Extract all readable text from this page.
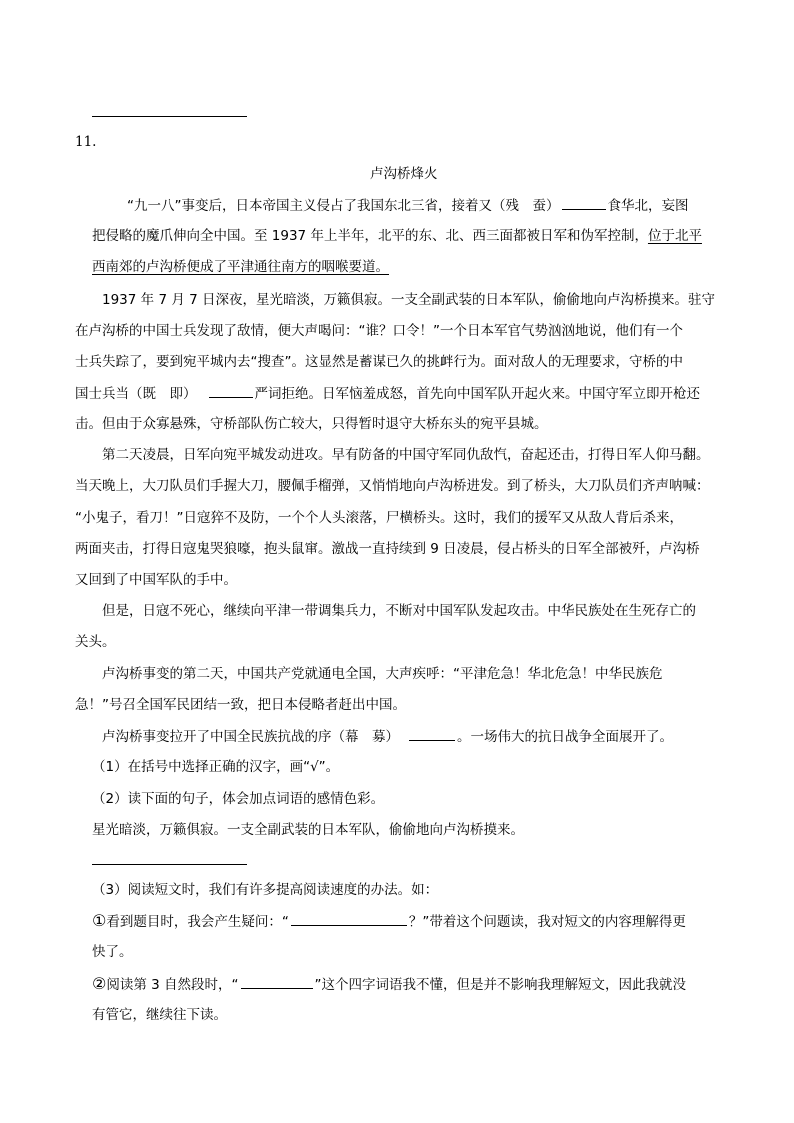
11.
卢沟桥烽火
“九一八”事变后，日本帝国主义侵占了我国东北三省，接着又（残　蚕）	食华北，妄图
把侵略的魔爪伸向全中国。至 1937 年上半年，北平的东、北、西三面都被日军和伪军控制，位于北平
西南郊的卢沟桥便成了平津通往南方的咽喉要道。
1937 年 7 月 7 日深夜，星光暗淡，万籁俱寂。一支全副武装的日本军队，偷偷地向卢沟桥摸来。驻守
在卢沟桥的中国士兵发现了敌情，便大声喝问：“谁？口令！”一个日本军官气势汹汹地说，他们有一个
士兵失踪了，要到宛平城内去“搜查”。这显然是蓄谋已久的挑衅行为。面对敌人的无理要求，守桥的中
国士兵当（既　即）	严词拒绝。日军恼羞成怒，首先向中国军队开起火来。中国守军立即开枪还
击。但由于众寡悬殊，守桥部队伤亡较大，只得暂时退守大桥东头的宛平县城。
第二天凌晨，日军向宛平城发动进攻。早有防备的中国守军同仇敌忾，奋起还击，打得日军人仰马翻。
当天晚上，大刀队员们手握大刀，腰佩手榴弹，又悄悄地向卢沟桥进发。到了桥头，大刀队员们齐声呐喊：
“小鬼子，看刀！”日寇猝不及防，一个个人头滚落，尸横桥头。这时，我们的援军又从敌人背后杀来，
两面夹击，打得日寇鬼哭狼嚎，抱头鼠窜。激战一直持续到 9 日凌晨，侵占桥头的日军全部被歼，卢沟桥
又回到了中国军队的手中。
但是，日寇不死心，继续向平津一带调集兵力，不断对中国军队发起攻击。中华民族处在生死存亡的
关头。
卢沟桥事变的第二天，中国共产党就通电全国，大声疾呼：“平津危急！华北危急！中华民族危
急！”号召全国军民团结一致，把日本侵略者赶出中国。
卢沟桥事变拉开了中国全民族抗战的序（幕　募）	。一场伟大的抗日战争全面展开了。
（1）在括号中选择正确的汉字，画“√”。
（2）读下面的句子，体会加点词语的感情色彩。
星光暗淡，万籁俱寂。一支全副武装的日本军队，偷偷地向卢沟桥摸来。
（3）阅读短文时，我们有许多提高阅读速度的办法。如：
①看到题目时，我会产生疑问：“	？”带着这个问题读，我对短文的内容理解得更
快了。
②阅读第 3 自然段时，“	”这个四字词语我不懂，但是并不影响我理解短文，因此我就没
有管它，继续往下读。
